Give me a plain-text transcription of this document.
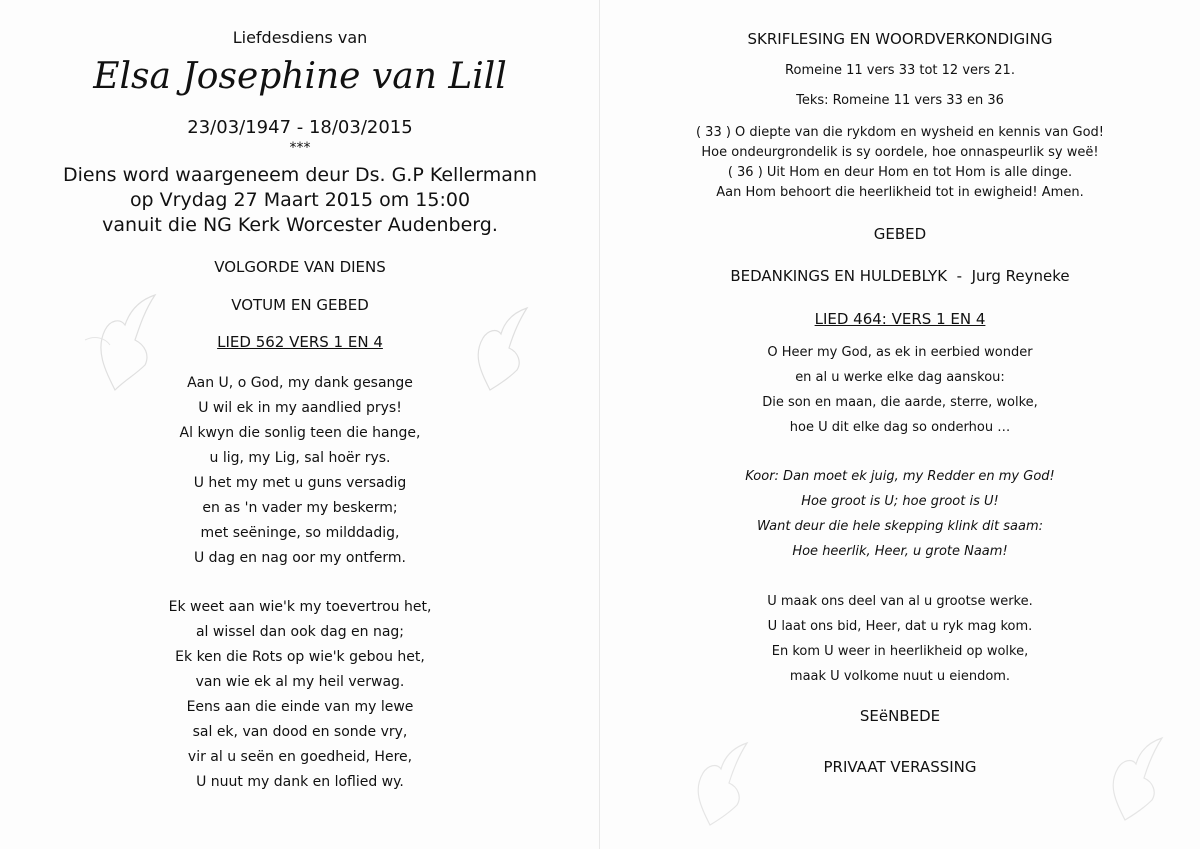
Liefdesdiens van
Elsa Josephine van Lill
23/03/1947 - 18/03/2015
***
Diens word waargeneem deur Ds. G.P Kellermann
op Vrydag 27 Maart 2015 om 15:00
vanuit die NG Kerk Worcester Audenberg.
VOLGORDE VAN DIENS
VOTUM EN GEBED
LIED 562 VERS 1 EN 4
Aan U, o God, my dank gesange
U wil ek in my aandlied prys!
Al kwyn die sonlig teen die hange,
u lig, my Lig, sal hoër rys.
U het my met u guns versadig
en as 'n vader my beskerm;
met seëninge, so milddadig,
U dag en nag oor my ontferm.
Ek weet aan wie'k my toevertrou het,
al wissel dan ook dag en nag;
Ek ken die Rots op wie'k gebou het,
van wie ek al my heil verwag.
Eens aan die einde van my lewe
sal ek, van dood en sonde vry,
vir al u seën en goedheid, Here,
U nuut my dank en loflied wy.
SKRIFLESING EN WOORDVERKONDIGING
Romeine 11 vers 33 tot 12 vers 21.
Teks: Romeine 11 vers 33 en 36
( 33 ) O diepte van die rykdom en wysheid en kennis van God!
Hoe ondeurgrondelik is sy oordele, hoe onnaspeurlik sy weë!
( 36 ) Uit Hom en deur Hom en tot Hom is alle dinge.
Aan Hom behoort die heerlikheid tot in ewigheid! Amen.
GEBED
BEDANKINGS EN HULDEBLYK - Jurg Reyneke
LIED 464: VERS 1 EN 4
O Heer my God, as ek in eerbied wonder
en al u werke elke dag aanskou:
Die son en maan, die aarde, sterre, wolke,
hoe U dit elke dag so onderhou …
Koor: Dan moet ek juig, my Redder en my God!
Hoe groot is U; hoe groot is U!
Want deur die hele skepping klink dit saam:
Hoe heerlik, Heer, u grote Naam!
U maak ons deel van al u grootse werke.
U laat ons bid, Heer, dat u ryk mag kom.
En kom U weer in heerlikheid op wolke,
maak U volkome nuut u eiendom.
SEëNBEDE
PRIVAAT VERASSING
